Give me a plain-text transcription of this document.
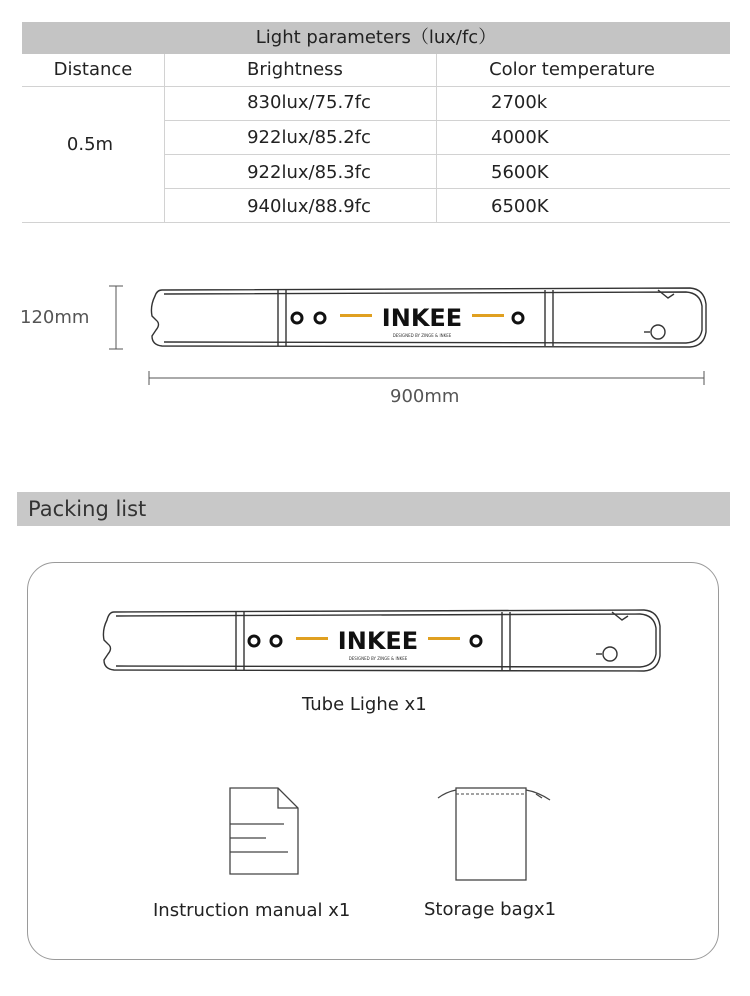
Light parameters（lux/fc）
Distance	Brightness	Color temperature
0.5m
830lux/75.7fc	2700k
922lux/85.2fc	4000K
922lux/85.3fc	5600K
940lux/88.9fc	6500K
120mm	INKEE
DESIGNED BY ZINGE & INKEE
900mm
Packing list
INKEE
DESIGNED BY ZINGE & INKEE
Tube Lighe x1
Instruction manual x1	Storage bagx1
